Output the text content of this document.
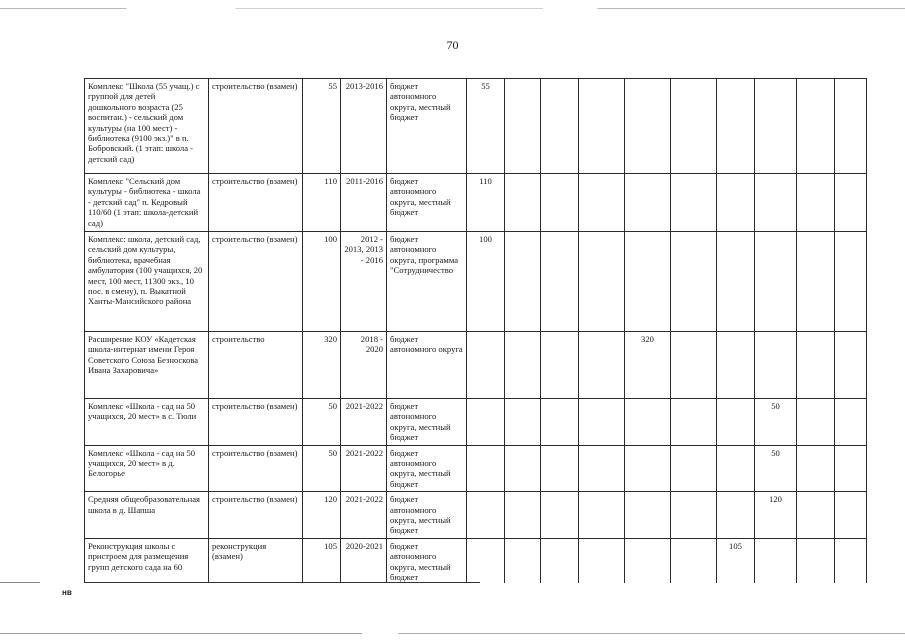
70
Комплекс "Школа (55 учащ.) с группой для детей дошкольного возраста (25 воспитан.) - сельский дом культуры (на 100 мест) - библиотека (9100 экз.)" в п. Бобровский. (1 этап: школа - детский сад)	строительство (взамен)	55	2013-2016	бюджет автономного округа, местный бюджет	55									
Комплекс "Сельский дом культуры - библиотека - школа - детский сад" п. Кедровый 110/60 (1 этап: школа-детский сад)	строительство (взамен)	110	2011-2016	бюджет автономного округа, местный бюджет	110									
Комплекс: школа, детский сад, сельский дом культуры, библиотека, врачебная амбулатория (100 учащихся, 20 мест, 100 мест, 11300 экз., 10 пос. в смену), п. Выкатной Ханты-Мансийского района	строительство (взамен)	100	2012 - 2013, 2013 - 2016	бюджет автономного округа, программа "Сотрудничество	100									
Расширение КОУ «Кадетская школа-интернат имени Героя Советского Союза Безноскова Ивана Захаровича»	строительство	320	2018 - 2020	бюджет автономного округа					320					
Комплекс «Школа - сад на 50 учащихся, 20 мест» в с. Тюли	строительство (взамен)	50	2021-2022	бюджет автономного округа, местный бюджет								50		
Комплекс «Школа - сад на 50 учащихся, 20 мест» в д. Белогорье	строительство (взамен)	50	2021-2022	бюджет автономного округа, местный бюджет								50		
Средняя общеобразовательная школа в д. Шапша	строительство (взамен)	120	2021-2022	бюджет автономного округа, местный бюджет								120		
Реконструкция школы с пристроем для размещения групп детского сада на 60	реконструкция (взамен)	105	2020-2021	бюджет автономного округа, местный бюджет							105			
нв
